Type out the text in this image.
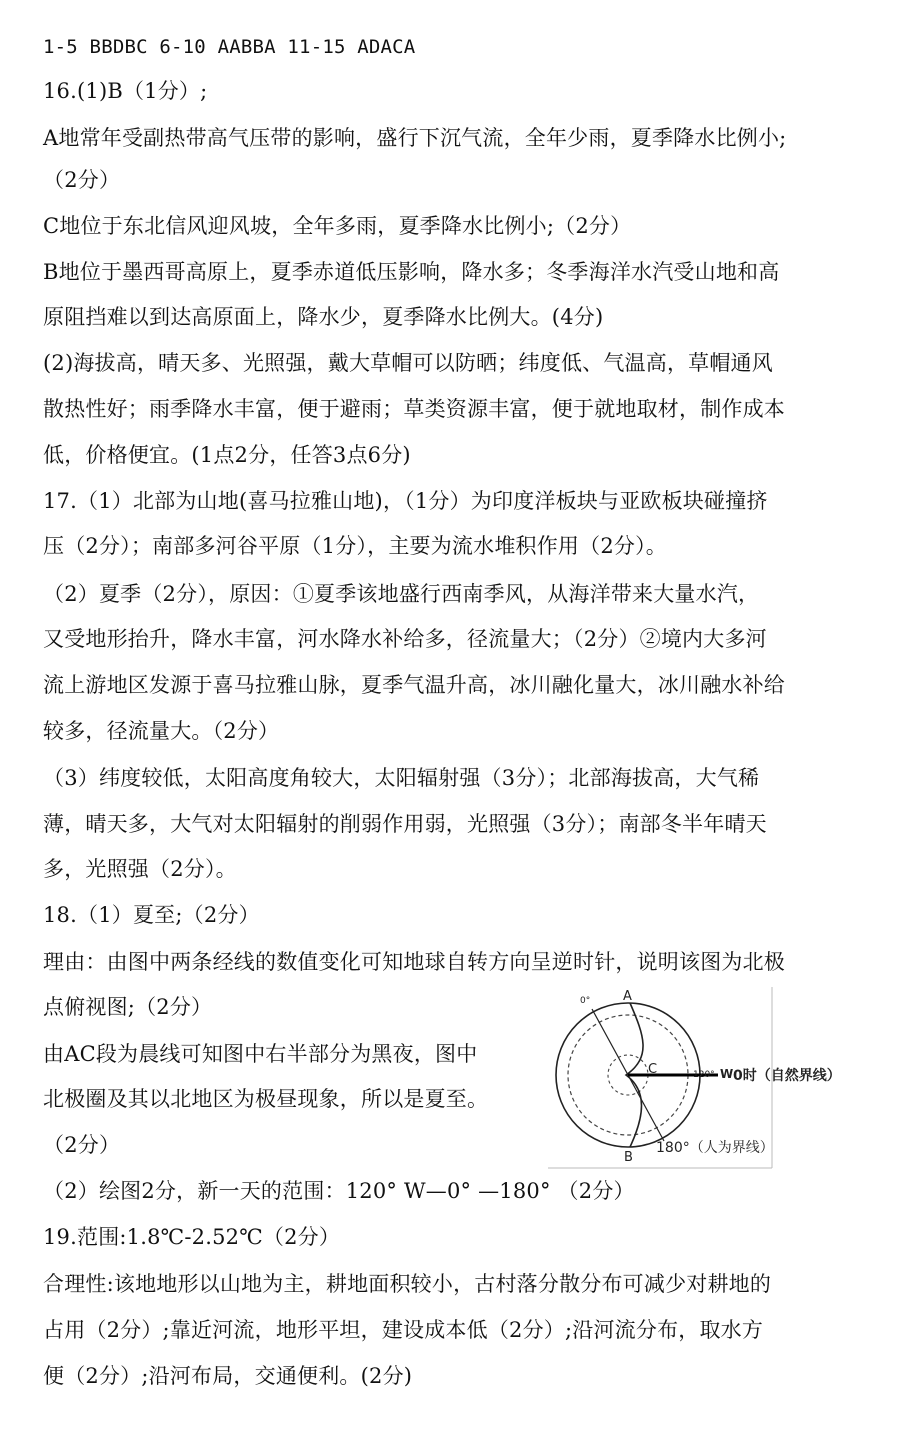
1-5 BBDBC 6-10 AABBA 11-15 ADACA
16.(1)B（1分）;
A地常年受副热带高气压带的影响，盛行下沉气流，全年少雨，夏季降水比例小;
（2分）
C地位于东北信风迎风坡，全年多雨，夏季降水比例小;（2分）
B地位于墨西哥高原上，夏季赤道低压影响，降水多；冬季海洋水汽受山地和高
原阻挡难以到达高原面上，降水少，夏季降水比例大。(4分)
(2)海拔高，晴天多、光照强，戴大草帽可以防晒；纬度低、气温高，草帽通风
散热性好；雨季降水丰富，便于避雨；草类资源丰富，便于就地取材，制作成本
低，价格便宜。(1点2分，任答3点6分)
17.（1）北部为山地(喜马拉雅山地)，（1分）为印度洋板块与亚欧板块碰撞挤
压（2分）；南部多河谷平原（1分），主要为流水堆积作用（2分）。
（2）夏季（2分），原因：①夏季该地盛行西南季风，从海洋带来大量水汽，
又受地形抬升，降水丰富，河水降水补给多，径流量大；（2分）②境内大多河
流上游地区发源于喜马拉雅山脉，夏季气温升高，冰川融化量大，冰川融水补给
较多，径流量大。（2分）
（3）纬度较低，太阳高度角较大，太阳辐射强（3分）；北部海拔高，大气稀
薄，晴天多，大气对太阳辐射的削弱作用弱，光照强（3分）；南部冬半年晴天
多，光照强（2分）。
18.（1）夏至;（2分）
理由：由图中两条经线的数值变化可知地球自转方向呈逆时针，说明该图为北极
点俯视图;（2分）
由AC段为晨线可知图中右半部分为黑夜，图中
北极圈及其以北地区为极昼现象，所以是夏至。
（2分）
（2）绘图2分，新一天的范围：120° W—0° —180° （2分）
19.范围:1.8℃-2.52℃（2分）
合理性:该地地形以山地为主，耕地面积较小，古村落分散分布可减少对耕地的
占用（2分）;靠近河流，地形平坦，建设成本低（2分）;沿河流分布，取水方
便（2分）;沿河布局，交通便利。(2分)
A
0°
C	120° W 0时（自然界线）
180°（人为界线）
B
